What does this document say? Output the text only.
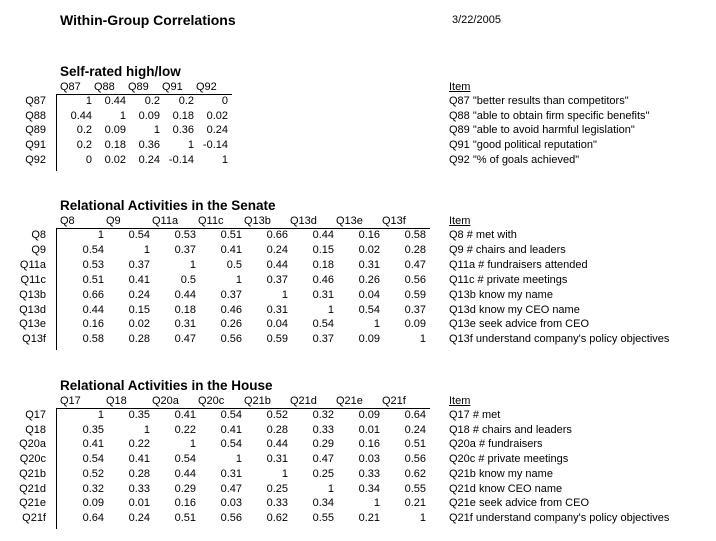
Within-Group Correlations	3/22/2005
Self-rated high/low
Q87 Q88 Q89 Q91 Q92	Item
Q87	1	0.44	0.2	0.2	0	Q87 "better results than competitors"
Q88	0.44	1	0.09	0.18	0.02	Q88 "able to obtain firm specific benefits"
Q89	0.2	0.09	1	0.36	0.24	Q89 "able to avoid harmful legislation"
Q91	0.2	0.18	0.36	1 -0.14	Q91 "good political reputation"
Q92	0	0.02	0.24 -0.14	1	Q92 "% of goals achieved"
Relational Activities in the Senate
Q8	Q9	Q11a Q11c Q13b Q13d Q13e Q13f	Item
Q8	1	0.54	0.53	0.51	0.66	0.44	0.16	0.58 Q8 # met with
Q9	0.54	1	0.37	0.41	0.24	0.15	0.02	0.28 Q9 # chairs and leaders
Q11a	0.53	0.37	1	0.5	0.44	0.18	0.31	0.47 Q11a # fundraisers attended
Q11c	0.51	0.41	0.5	1	0.37	0.46	0.26	0.56 Q11c # private meetings
Q13b	0.66	0.24	0.44	0.37	1	0.31	0.04	0.59 Q13b know my name
Q13d	0.44	0.15	0.18	0.46	0.31	1	0.54	0.37 Q13d know my CEO name
Q13e	0.16	0.02	0.31	0.26	0.04	0.54	1	0.09 Q13e seek advice from CEO
Q13f	0.58	0.28	0.47	0.56	0.59	0.37	0.09	1 Q13f understand company's policy objectives
Relational Activities in the House
Q17 Q18 Q20a Q20c Q21b Q21d Q21e Q21f	Item
Q17	1	0.35	0.41	0.54	0.52	0.32	0.09	0.64 Q17 # met
Q18	0.35	1	0.22	0.41	0.28	0.33	0.01	0.24 Q18 # chairs and leaders
Q20a	0.41	0.22	1	0.54	0.44	0.29	0.16	0.51 Q20a # fundraisers
Q20c	0.54	0.41	0.54	1	0.31	0.47	0.03	0.56 Q20c # private meetings
Q21b	0.52	0.28	0.44	0.31	1	0.25	0.33	0.62 Q21b know my name
Q21d	0.32	0.33	0.29	0.47	0.25	1	0.34	0.55 Q21d know CEO name
Q21e	0.09	0.01	0.16	0.03	0.33	0.34	1	0.21 Q21e seek advice from CEO
Q21f	0.64	0.24	0.51	0.56	0.62	0.55	0.21	1 Q21f understand company's policy objectives
